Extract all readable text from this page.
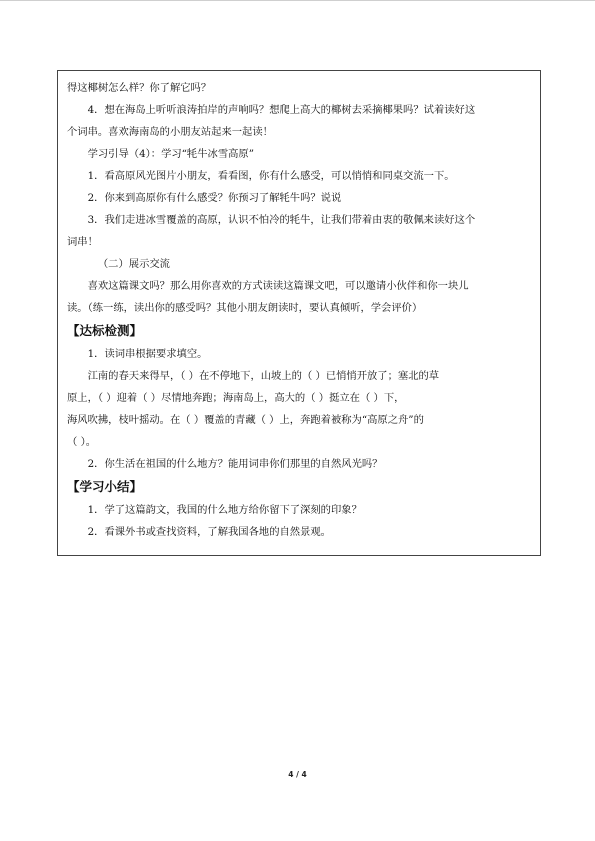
得这椰树怎么样？你了解它吗？

4．想在海岛上听听浪涛拍岸的声响吗？想爬上高大的椰树去采摘椰果吗？试着读好这

个词串。喜欢海南岛的小朋友站起来一起读！

学习引导（4）：学习“牦牛冰雪高原”

1．看高原风光图片小朋友，看看图，你有什么感受，可以悄悄和同桌交流一下。

2．你来到高原你有什么感受？你预习了解牦牛吗？说说

3．我们走进冰雪覆盖的高原，认识不怕冷的牦牛，让我们带着由衷的敬佩来读好这个

词串！

（二）展示交流

喜欢这篇课文吗？那么用你喜欢的方式读读这篇课文吧，可以邀请小伙伴和你一块儿

读。（练一练，读出你的感受吗？其他小朋友朗读时，要认真倾听，学会评价）

【达标检测】

1．读词串根据要求填空。

江南的春天来得早，（ ）在不停地下，山坡上的（ ）已悄悄开放了；塞北的草

原上，（ ）迎着（ ）尽情地奔跑；海南岛上，高大的（ ）挺立在（ ）下，

海风吹拂，枝叶摇动。在（ ）覆盖的青藏（ ）上，奔跑着被称为“高原之舟”的

（ ）。

2．你生活在祖国的什么地方？能用词串你们那里的自然风光吗？

【学习小结】

1．学了这篇韵文，我国的什么地方给你留下了深刻的印象？

2．看课外书或查找资料，了解我国各地的自然景观。

4 / 4
